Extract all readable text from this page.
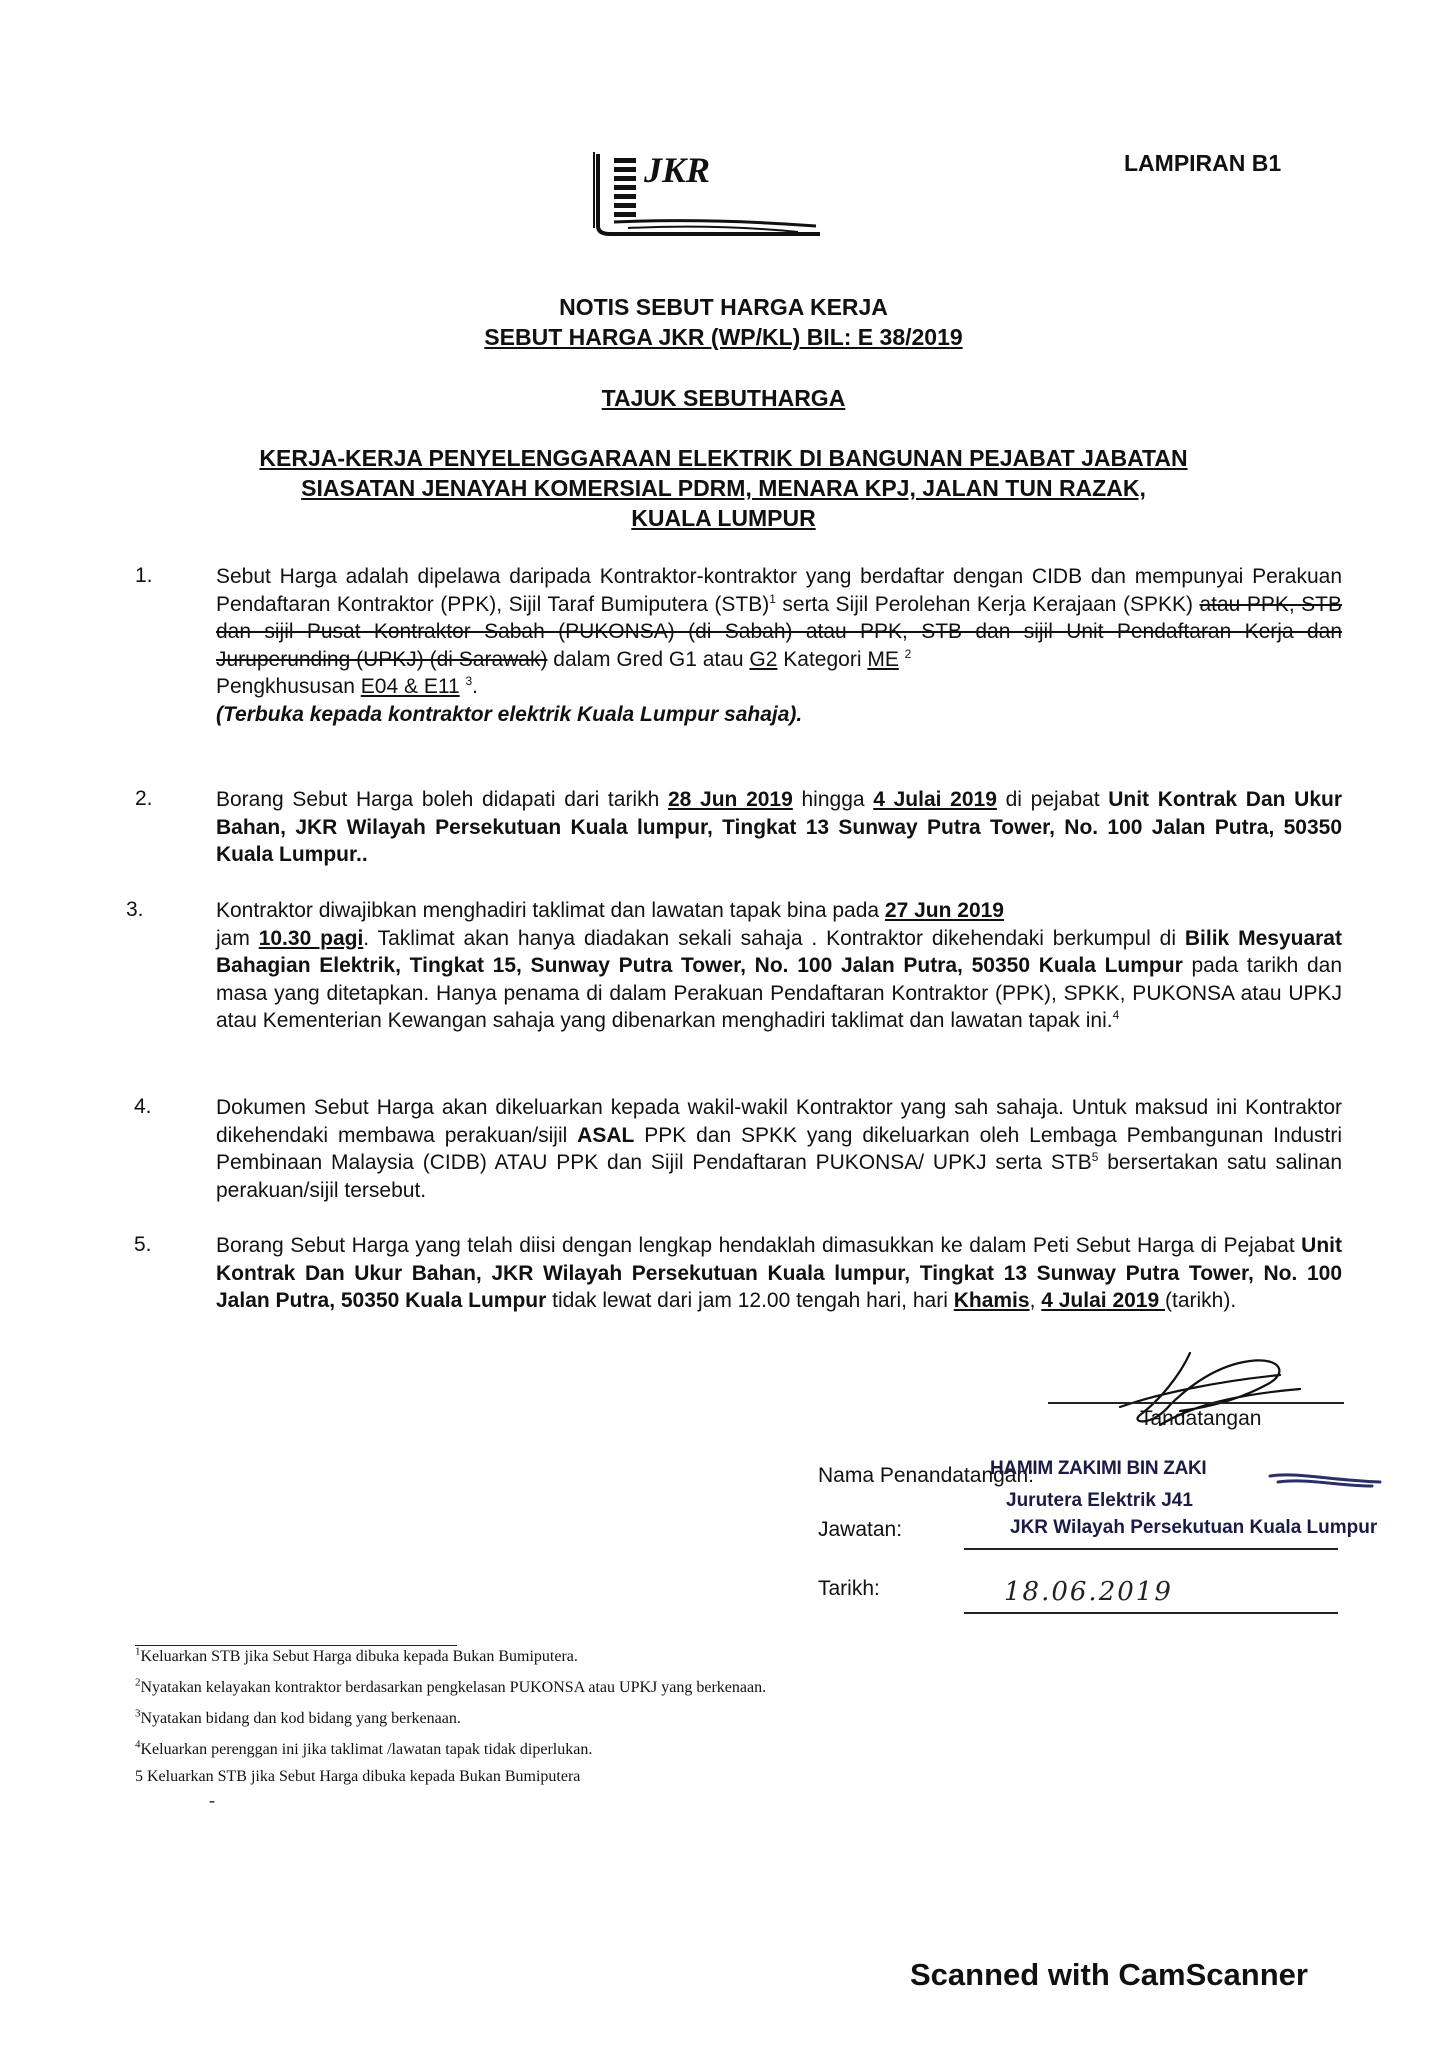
JKR	LAMPIRAN B1
NOTIS SEBUT HARGA KERJA
SEBUT HARGA JKR (WP/KL) BIL: E 38/2019
TAJUK SEBUTHARGA
KERJA-KERJA PENYELENGGARAAN ELEKTRIK DI BANGUNAN PEJABAT JABATAN
SIASATAN JENAYAH KOMERSIAL PDRM, MENARA KPJ, JALAN TUN RAZAK,
KUALA LUMPUR
1.	Sebut Harga adalah dipelawa daripada Kontraktor-kontraktor yang berdaftar dengan CIDB dan mempunyai Perakuan Pendaftaran Kontraktor (PPK), Sijil Taraf Bumiputera (STB)$^1$ serta Sijil Perolehan Kerja Kerajaan (SPKK) atau PPK, STB dan sijil Pusat Kontraktor Sabah (PUKONSA) (di Sabah) atau PPK, STB dan sijil Unit Pendaftaran Kerja dan Juruperunding (UPKJ) (di Sarawak) dalam Gred G1 atau G2 Kategori ME $^2$
Pengkhususan E04 & E11 $^3$.
(Terbuka kepada kontraktor elektrik Kuala Lumpur sahaja).
2.	Borang Sebut Harga boleh didapati dari tarikh 28 Jun 2019 hingga 4 Julai 2019 di pejabat Unit Kontrak Dan Ukur Bahan, JKR Wilayah Persekutuan Kuala lumpur, Tingkat 13 Sunway Putra Tower, No. 100 Jalan Putra, 50350 Kuala Lumpur..
3.	Kontraktor diwajibkan menghadiri taklimat dan lawatan tapak bina pada 27 Jun 2019
jam 10.30 pagi. Taklimat akan hanya diadakan sekali sahaja . Kontraktor dikehendaki berkumpul di Bilik Mesyuarat Bahagian Elektrik, Tingkat 15, Sunway Putra Tower, No. 100 Jalan Putra, 50350 Kuala Lumpur pada tarikh dan masa yang ditetapkan. Hanya penama di dalam Perakuan Pendaftaran Kontraktor (PPK), SPKK, PUKONSA atau UPKJ atau Kementerian Kewangan sahaja yang dibenarkan menghadiri taklimat dan lawatan tapak ini.$^4$
4.	Dokumen Sebut Harga akan dikeluarkan kepada wakil-wakil Kontraktor yang sah sahaja. Untuk maksud ini Kontraktor dikehendaki membawa perakuan/sijil ASAL PPK dan SPKK yang dikeluarkan oleh Lembaga Pembangunan Industri Pembinaan Malaysia (CIDB) ATAU PPK dan Sijil Pendaftaran PUKONSA/ UPKJ serta STB$^5$ bersertakan satu salinan perakuan/sijil tersebut.
5.	Borang Sebut Harga yang telah diisi dengan lengkap hendaklah dimasukkan ke dalam Peti Sebut Harga di Pejabat Unit Kontrak Dan Ukur Bahan, JKR Wilayah Persekutuan Kuala lumpur, Tingkat 13 Sunway Putra Tower, No. 100 Jalan Putra, 50350 Kuala Lumpur tidak lewat dari jam 12.00 tengah hari, hari Khamis, 4 Julai 2019 (tarikh).
Tandatangan
Nama Penandatangan:
HAMIM ZAKIMI BIN ZAKI
Jawatan:
Jurutera Elektrik J41
JKR Wilayah Persekutuan Kuala Lumpur
Tarikh:	18.06.2019
$^1$Keluarkan STB jika Sebut Harga dibuka kepada Bukan Bumiputera.
$^2$Nyatakan kelayakan kontraktor berdasarkan pengkelasan PUKONSA atau UPKJ yang berkenaan.
$^3$Nyatakan bidang dan kod bidang yang berkenaan.
$^4$Keluarkan perenggan ini jika taklimat /lawatan tapak tidak diperlukan.
5 Keluarkan STB jika Sebut Harga dibuka kepada Bukan Bumiputera
-
Scanned with CamScanner
